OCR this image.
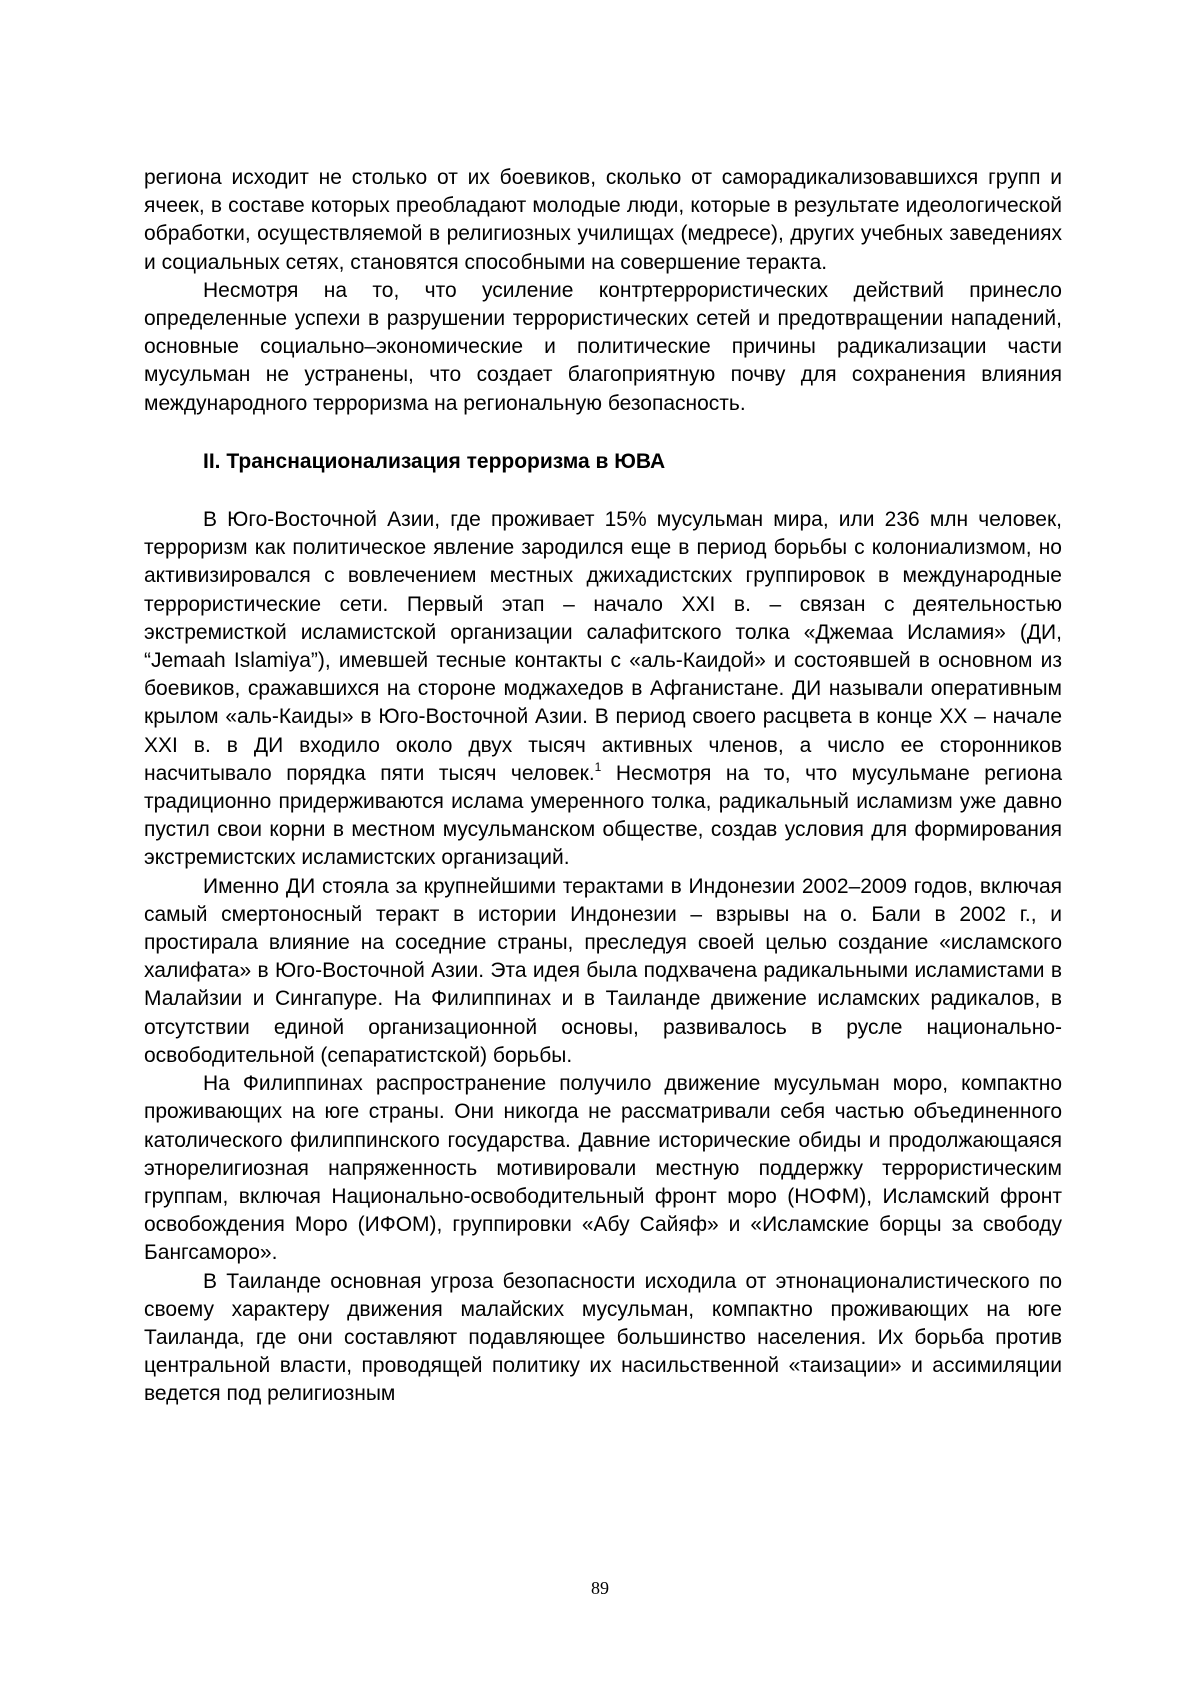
региона исходит не столько от их боевиков, сколько от саморадикализовавшихся групп и ячеек, в составе которых преобладают молодые люди, которые в результате идеологической обработки, осуществляемой в религиозных училищах (медресе), других учебных заведениях и социальных сетях, становятся способными на совершение теракта.

Несмотря на то, что усиление контртеррористических действий принесло определенные успехи в разрушении террористических сетей и предотвращении нападений, основные социально–экономические и политические причины радикализации части мусульман не устранены, что создает благоприятную почву для сохранения влияния международного терроризма на региональную безопасность.

II. Транснационализация терроризма в ЮВА

В Юго-Восточной Азии, где проживает 15% мусульман мира, или 236 млн человек, терроризм как политическое явление зародился еще в период борьбы с колониализмом, но активизировался с вовлечением местных джихадистских группировок в международные террористические сети. Первый этап – начало XXI в. – связан с деятельностью экстремисткой исламистской организации салафитского толка «Джемаа Исламия» (ДИ, “Jemaah Islamiya”), имевшей тесные контакты с «аль-Каидой» и состоявшей в основном из боевиков, сражавшихся на стороне моджахедов в Афганистане. ДИ называли оперативным крылом «аль-Каиды» в Юго-Восточной Азии. В период своего расцвета в конце XX – начале XXI в. в ДИ входило около двух тысяч активных членов, а число ее сторонников насчитывало порядка пяти тысяч человек.$^1$ Несмотря на то, что мусульмане региона традиционно придерживаются ислама умеренного толка, радикальный исламизм уже давно пустил свои корни в местном мусульманском обществе, создав условия для формирования экстремистских исламистских организаций.

Именно ДИ стояла за крупнейшими терактами в Индонезии 2002–2009 годов, включая самый смертоносный теракт в истории Индонезии – взрывы на о. Бали в 2002 г., и простирала влияние на соседние страны, преследуя своей целью создание «исламского халифата» в Юго-Восточной Азии. Эта идея была подхвачена радикальными исламистами в Малайзии и Сингапуре. На Филиппинах и в Таиланде движение исламских радикалов, в отсутствии единой организационной основы, развивалось в русле национально-освободительной (сепаратистской) борьбы.

На Филиппинах распространение получило движение мусульман моро, компактно проживающих на юге страны. Они никогда не рассматривали себя частью объединенного католического филиппинского государства. Давние исторические обиды и продолжающаяся этнорелигиозная напряженность мотивировали местную поддержку террористическим группам, включая Национально-освободительный фронт моро (НОФМ), Исламский фронт освобождения Моро (ИФОМ), группировки «Абу Сайяф» и «Исламские борцы за свободу Бангсаморо».

В Таиланде основная угроза безопасности исходила от этнонационалистического по своему характеру движения малайских мусульман, компактно проживающих на юге Таиланда, где они составляют подавляющее большинство населения. Их борьба против центральной власти, проводящей политику их насильственной «таизации» и ассимиляции ведется под религиозным

89
